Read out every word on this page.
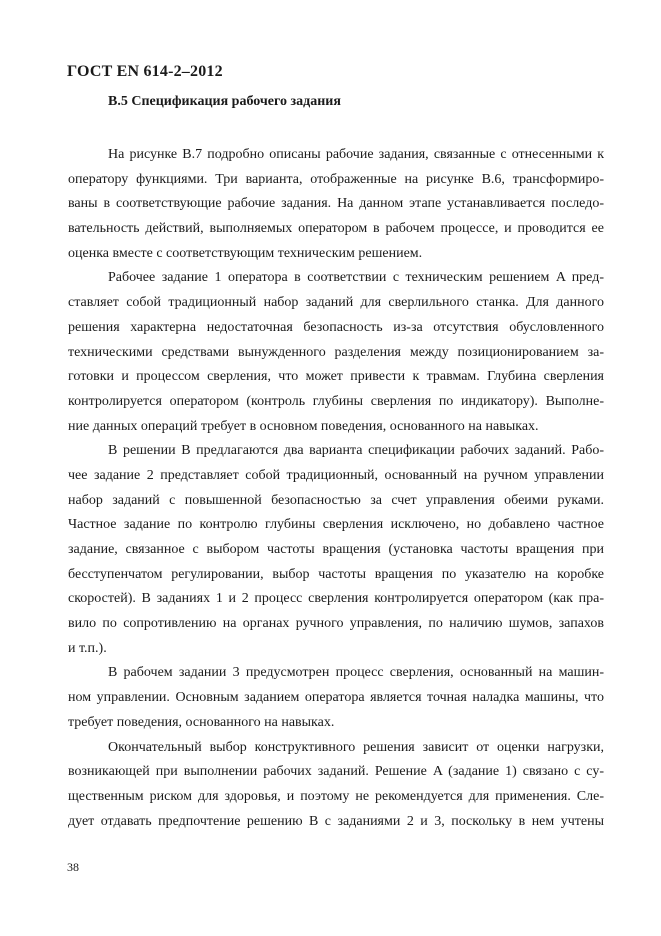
ГОСТ EN 614-2–2012
B.5 Спецификация рабочего задания
На рисунке B.7 подробно описаны рабочие задания, связанные с отнесенными к
оператору функциями. Три варианта, отображенные на рисунке B.6, трансформиро-
ваны в соответствующие рабочие задания. На данном этапе устанавливается последо-
вательность действий, выполняемых оператором в рабочем процессе, и проводится ее
оценка вместе с соответствующим техническим решением.
Рабочее задание 1 оператора в соответствии с техническим решением A пред-
ставляет собой традиционный набор заданий для сверлильного станка. Для данного
решения характерна недостаточная безопасность из-за отсутствия обусловленного
техническими средствами вынужденного разделения между позиционированием за-
готовки и процессом сверления, что может привести к травмам. Глубина сверления
контролируется оператором (контроль глубины сверления по индикатору). Выполне-
ние данных операций требует в основном поведения, основанного на навыках.
В решении B предлагаются два варианта спецификации рабочих заданий. Рабо-
чее задание 2 представляет собой традиционный, основанный на ручном управлении
набор заданий с повышенной безопасностью за счет управления обеими руками.
Частное задание по контролю глубины сверления исключено, но добавлено частное
задание, связанное с выбором частоты вращения (установка частоты вращения при
бесступенчатом регулировании, выбор частоты вращения по указателю на коробке
скоростей). В заданиях 1 и 2 процесс сверления контролируется оператором (как пра-
вило по сопротивлению на органах ручного управления, по наличию шумов, запахов
и т.п.).
В рабочем задании 3 предусмотрен процесс сверления, основанный на машин-
ном управлении. Основным заданием оператора является точная наладка машины, что
требует поведения, основанного на навыках.
Окончательный выбор конструктивного решения зависит от оценки нагрузки,
возникающей при выполнении рабочих заданий. Решение A (задание 1) связано с су-
щественным риском для здоровья, и поэтому не рекомендуется для применения. Сле-
дует отдавать предпочтение решению B с заданиями 2 и 3, поскольку в нем учтены
38
